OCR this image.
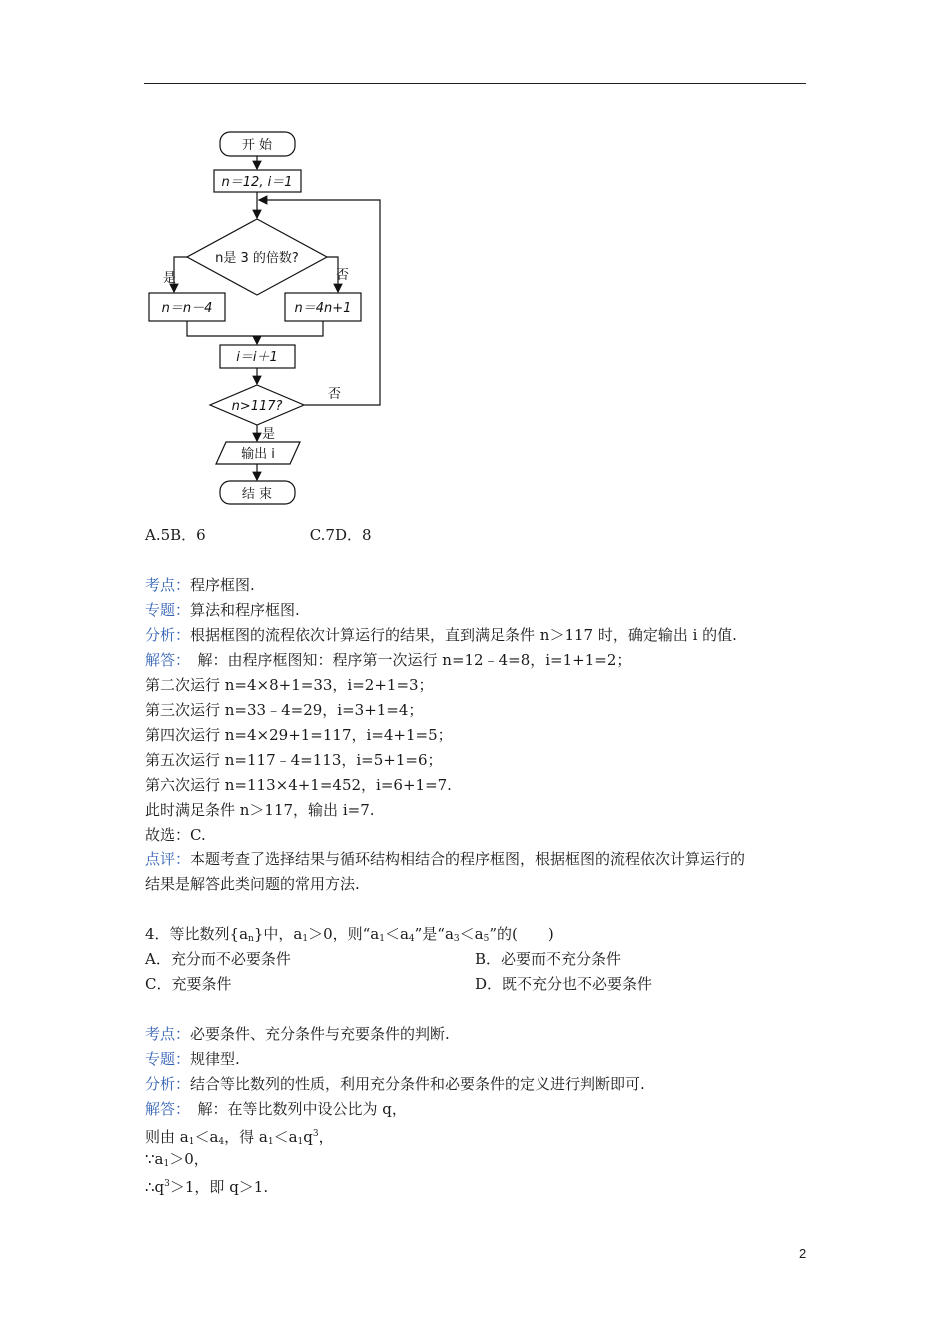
开 始
n＝12, i＝1
n是 3 的倍数?
是	否
n＝n－4	n＝4n+1
i＝i＋1
n>117?
否
是
输出 i
结 束
A.5B．6	C.7D．8
考点：程序框图.
专题：算法和程序框图.
分析：根据框图的流程依次计算运行的结果，直到满足条件 n＞117 时，确定输出 i 的值.
解答：　解：由程序框图知：程序第一次运行 n=12﹣4=8，i=1+1=2；
第二次运行 n=4×8+1=33，i=2+1=3；
第三次运行 n=33﹣4=29，i=3+1=4；
第四次运行 n=4×29+1=117，i=4+1=5；
第五次运行 n=117﹣4=113，i=5+1=6；
第六次运行 n=113×4+1=452，i=6+1=7.
此时满足条件 n＞117，输出 i=7.
故选：C.
点评：本题考查了选择结果与循环结构相结合的程序框图，根据框图的流程依次计算运行的
结果是解答此类问题的常用方法.
4．等比数列$\{a_n\}$中，$a_1>0$，则“$a_1<a_4$”是“$a_3<a_5$”的(　　)
A．充分而不必要条件	B．必要而不充分条件
C．充要条件	D．既不充分也不必要条件
考点：必要条件、充分条件与充要条件的判断.
专题：规律型.
分析：结合等比数列的性质，利用充分条件和必要条件的定义进行判断即可.
解答：　解：在等比数列中设公比为 q，
则由 $a_1<a_4$，得 $a_1<a_1q^3$，
$\because a_1>0$，
$\therefore q^3>1$，即 q＞1.
2
